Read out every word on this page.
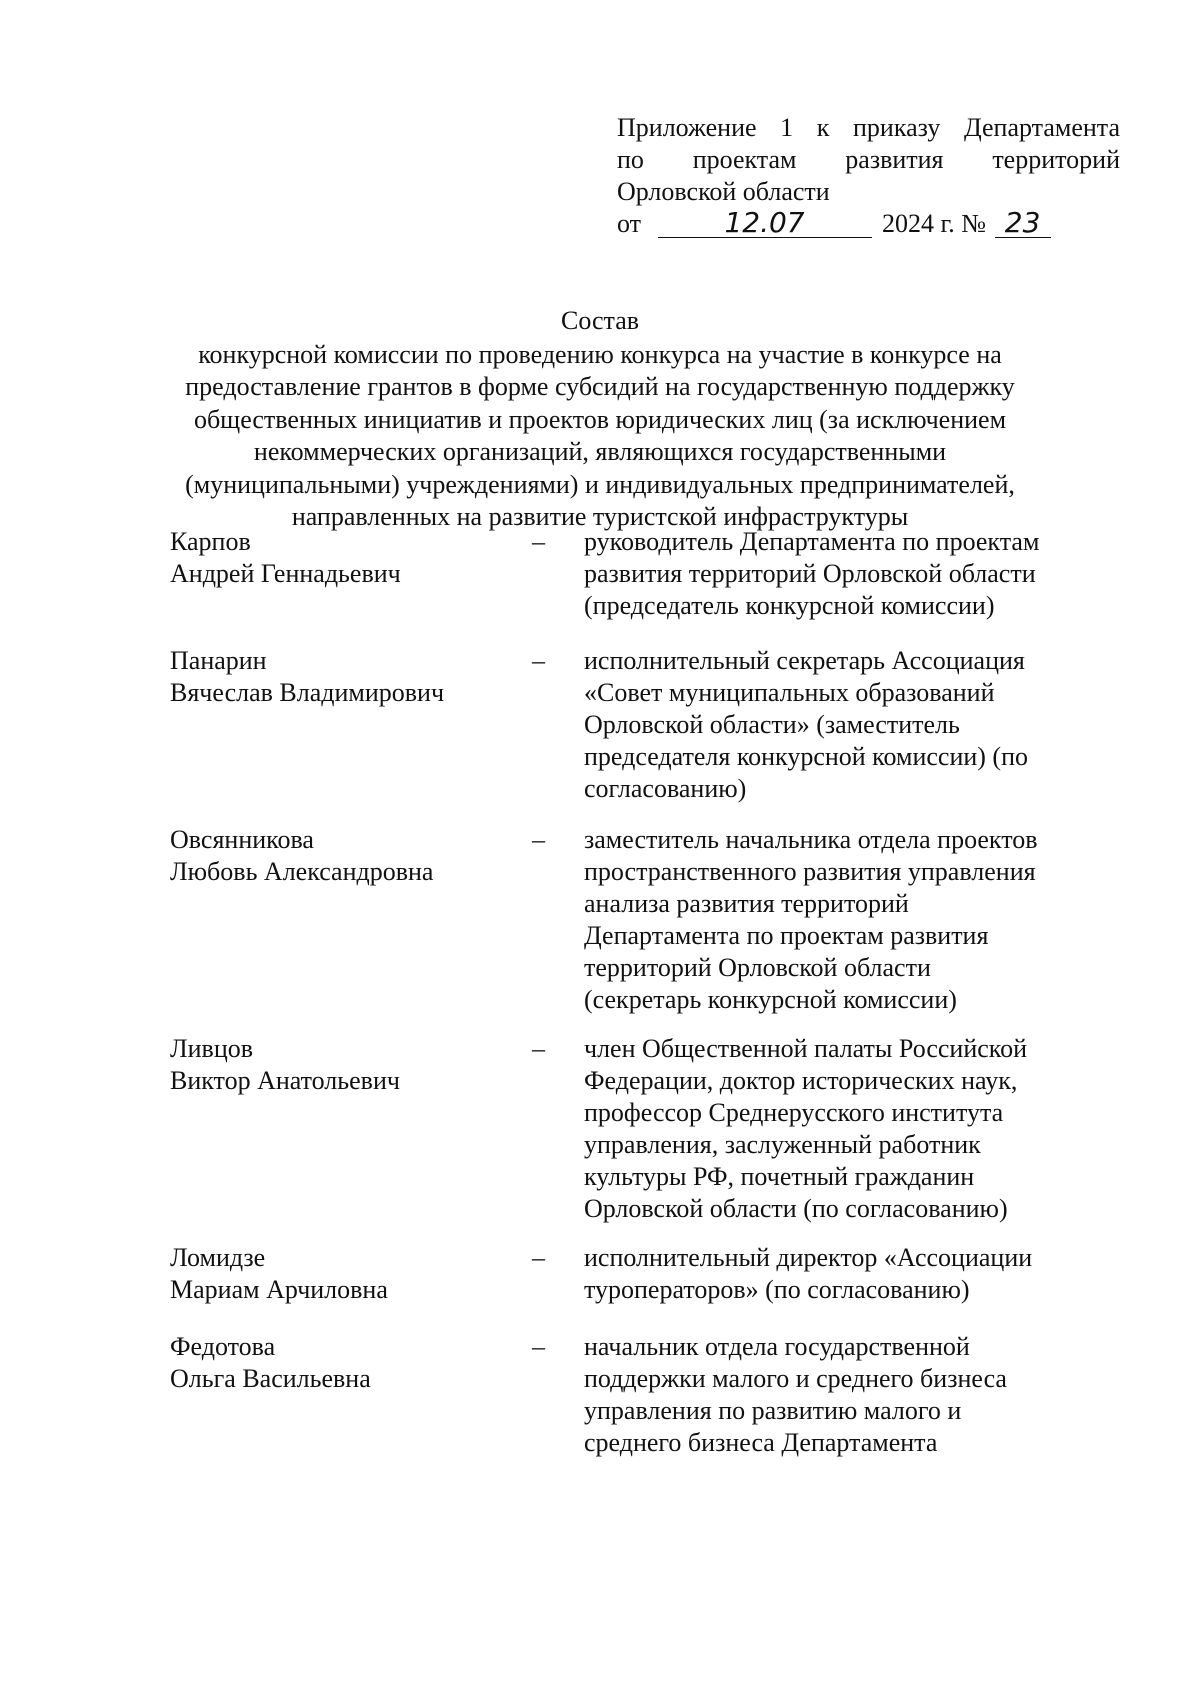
Приложение 1 к приказу Департамента
по проектам развития территорий
Орловской области
от	12.07	2024 г. № 23
Состав
конкурсной комиссии по проведению конкурса на участие в конкурсе на
предоставление грантов в форме субсидий на государственную поддержку
общественных инициатив и проектов юридических лиц (за исключением
некоммерческих организаций, являющихся государственными
(муниципальными) учреждениями) и индивидуальных предпринимателей,
направленных на развитие туристской инфраструктуры
Карпов
Андрей Геннадьевич
– руководитель Департамента по проектам
развития территорий Орловской области
(председатель конкурсной комиссии)
Панарин
Вячеслав Владимирович
– исполнительный секретарь Ассоциация
«Совет муниципальных образований
Орловской области» (заместитель
председателя конкурсной комиссии) (по
согласованию)
Овсянникова
Любовь Александровна
– заместитель начальника отдела проектов
пространственного развития управления
анализа развития территорий
Департамента по проектам развития
территорий Орловской области
(секретарь конкурсной комиссии)
Ливцов
Виктор Анатольевич
– член Общественной палаты Российской
Федерации, доктор исторических наук,
профессор Среднерусского института
управления, заслуженный работник
культуры РФ, почетный гражданин
Орловской области (по согласованию)
Ломидзе
Мариам Арчиловна
– исполнительный директор «Ассоциации
туроператоров» (по согласованию)
Федотова
Ольга Васильевна
– начальник отдела государственной
поддержки малого и среднего бизнеса
управления по развитию малого и
среднего бизнеса Департамента
